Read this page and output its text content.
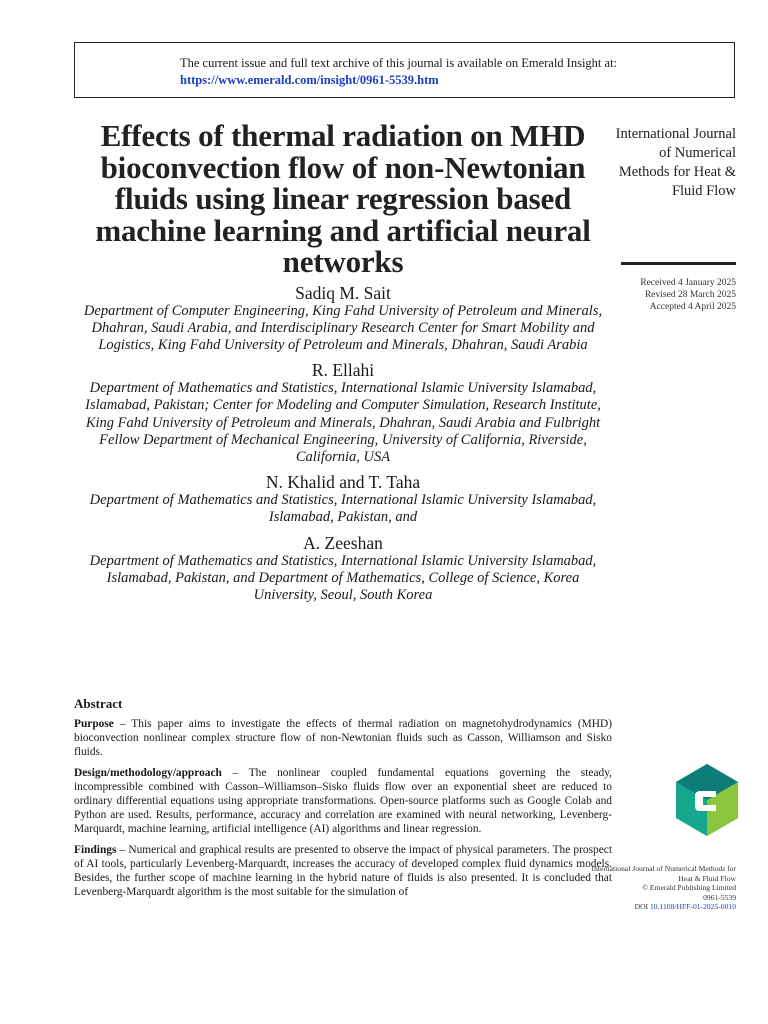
The current issue and full text archive of this journal is available on Emerald Insight at:
https://www.emerald.com/insight/0961-5539.htm
Effects of thermal radiation on MHD bioconvection flow of non-Newtonian fluids using linear regression based machine learning and artificial neural networks
Sadiq M. Sait
Department of Computer Engineering, King Fahd University of Petroleum and Minerals, Dhahran, Saudi Arabia, and Interdisciplinary Research Center for Smart Mobility and Logistics, King Fahd University of Petroleum and Minerals, Dhahran, Saudi Arabia
R. Ellahi
Department of Mathematics and Statistics, International Islamic University Islamabad, Islamabad, Pakistan; Center for Modeling and Computer Simulation, Research Institute, King Fahd University of Petroleum and Minerals, Dhahran, Saudi Arabia and Fulbright Fellow Department of Mechanical Engineering, University of California, Riverside, California, USA
N. Khalid and T. Taha
Department of Mathematics and Statistics, International Islamic University Islamabad, Islamabad, Pakistan, and
A. Zeeshan
Department of Mathematics and Statistics, International Islamic University Islamabad, Islamabad, Pakistan, and Department of Mathematics, College of Science, Korea University, Seoul, South Korea
International Journal of Numerical Methods for Heat & Fluid Flow
Received 4 January 2025
Revised 28 March 2025
Accepted 4 April 2025
Abstract

Purpose – This paper aims to investigate the effects of thermal radiation on magnetohydrodynamics (MHD) bioconvection nonlinear complex structure flow of non-Newtonian fluids such as Casson, Williamson and Sisko fluids.

Design/methodology/approach – The nonlinear coupled fundamental equations governing the steady, incompressible combined with Casson–Williamson–Sisko fluids flow over an exponential sheet are reduced to ordinary differential equations using appropriate transformations. Open-source platforms such as Google Colab and Python are used. Results, performance, accuracy and correlation are examined with neural networking, Levenberg-Marquardt, machine learning, artificial intelligence (AI) algorithms and linear regression.

Findings – Numerical and graphical results are presented to observe the impact of physical parameters. The prospect of AI tools, particularly Levenberg-Marquardt, increases the accuracy of developed complex fluid dynamics models. Besides, the further scope of machine learning in the hybrid nature of fluids is also presented. It is concluded that Levenberg-Marquardt algorithm is the most suitable for the simulation of

International Journal of Numerical Methods for Heat & Fluid Flow
© Emerald Publishing Limited
0961-5539
DOI 10.1108/HFF-01-2025-0010
